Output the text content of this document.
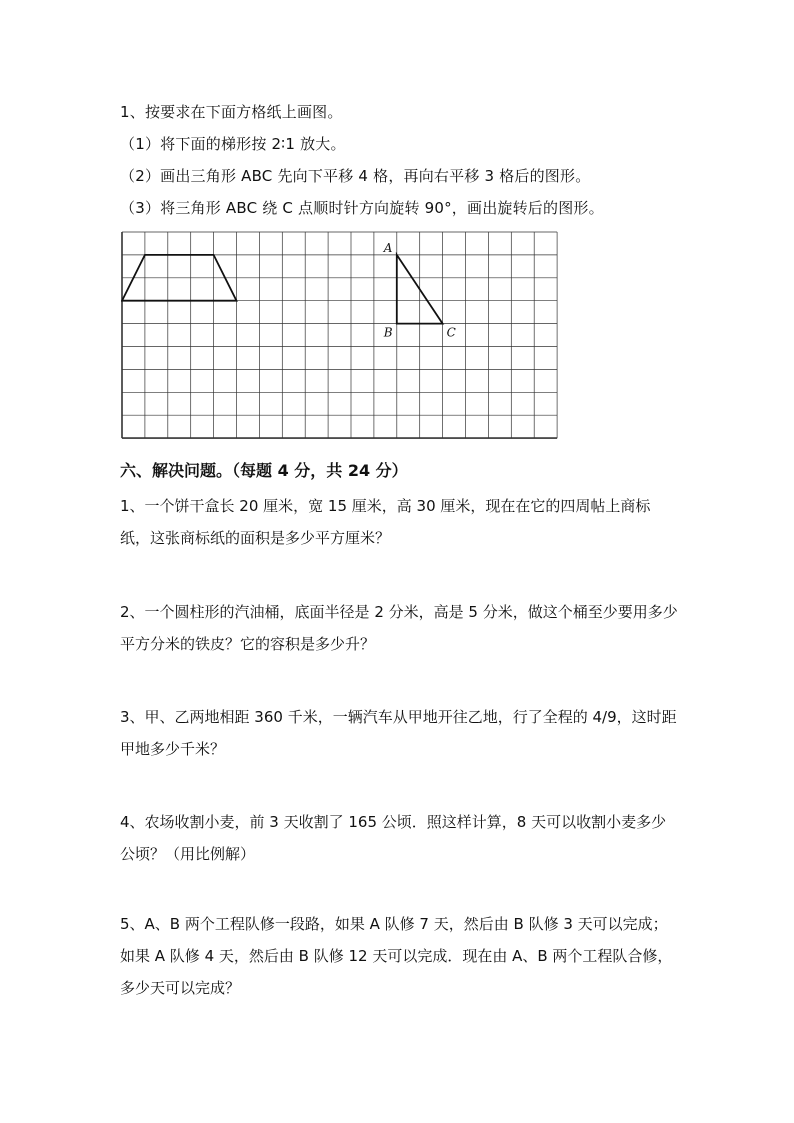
1、按要求在下面方格纸上画图。
（1）将下面的梯形按 2∶1 放大。
（2）画出三角形 ABC 先向下平移 4 格，再向右平移 3 格后的图形。
（3）将三角形 ABC 绕 C 点顺时针方向旋转 90°，画出旋转后的图形。
A
B	C
六、解决问题。（每题 4 分，共 24 分）
1、一个饼干盒长 20 厘米，宽 15 厘米，高 30 厘米，现在在它的四周帖上商标纸，这张商标纸的面积是多少平方厘米？
2、一个圆柱形的汽油桶，底面半径是 2 分米，高是 5 分米，做这个桶至少要用多少平方分米的铁皮？它的容积是多少升？
3、甲、乙两地相距 360 千米，一辆汽车从甲地开往乙地，行了全程的 4/9，这时距甲地多少千米？
4、农场收割小麦，前 3 天收割了 165 公顷．照这样计算，8 天可以收割小麦多少公顷？（用比例解）
5、A、B 两个工程队修一段路，如果 A 队修 7 天，然后由 B 队修 3 天可以完成；如果 A 队修 4 天，然后由 B 队修 12 天可以完成．现在由 A、B 两个工程队合修，多少天可以完成？
